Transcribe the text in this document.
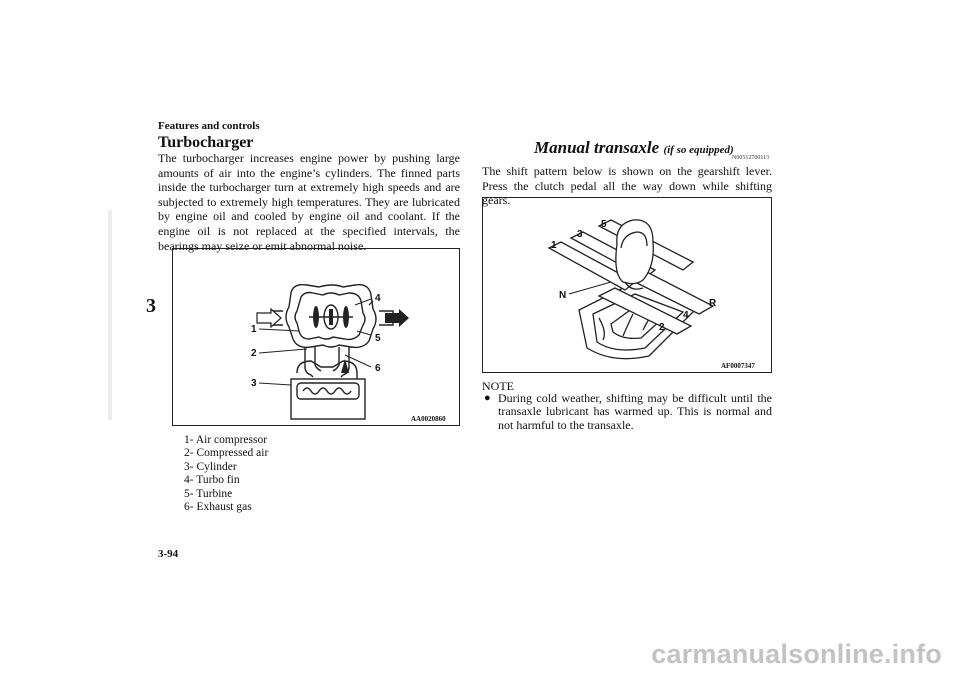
Features and controls
3
Turbocharger
The turbocharger increases engine power by pushing large amounts of air into the engine’s cylinders. The finned parts inside the turbocharger turn at extremely high speeds and are subjected to extremely high temperatures. They are lubricated by engine oil and cooled by engine oil and coolant. If the engine oil is not replaced at the specified intervals, the bearings may seize or emit abnormal noise.
1
2
3
4
5
6
AA0020860
1- Air compressor
2- Compressed air
3- Cylinder
4- Turbo fin
5- Turbine
6- Exhaust gas
Manual transaxle (if so equipped)
N00512700113
The shift pattern below is shown on the gearshift lever. Press the clutch pedal all the way down while shifting gears.
1
3
5
N
R
4
2
AF0007347
NOTE
● During cold weather, shifting may be difficult until the transaxle lubricant has warmed up. This is normal and not harmful to the transaxle.
3-94
carmanualsonline.info
